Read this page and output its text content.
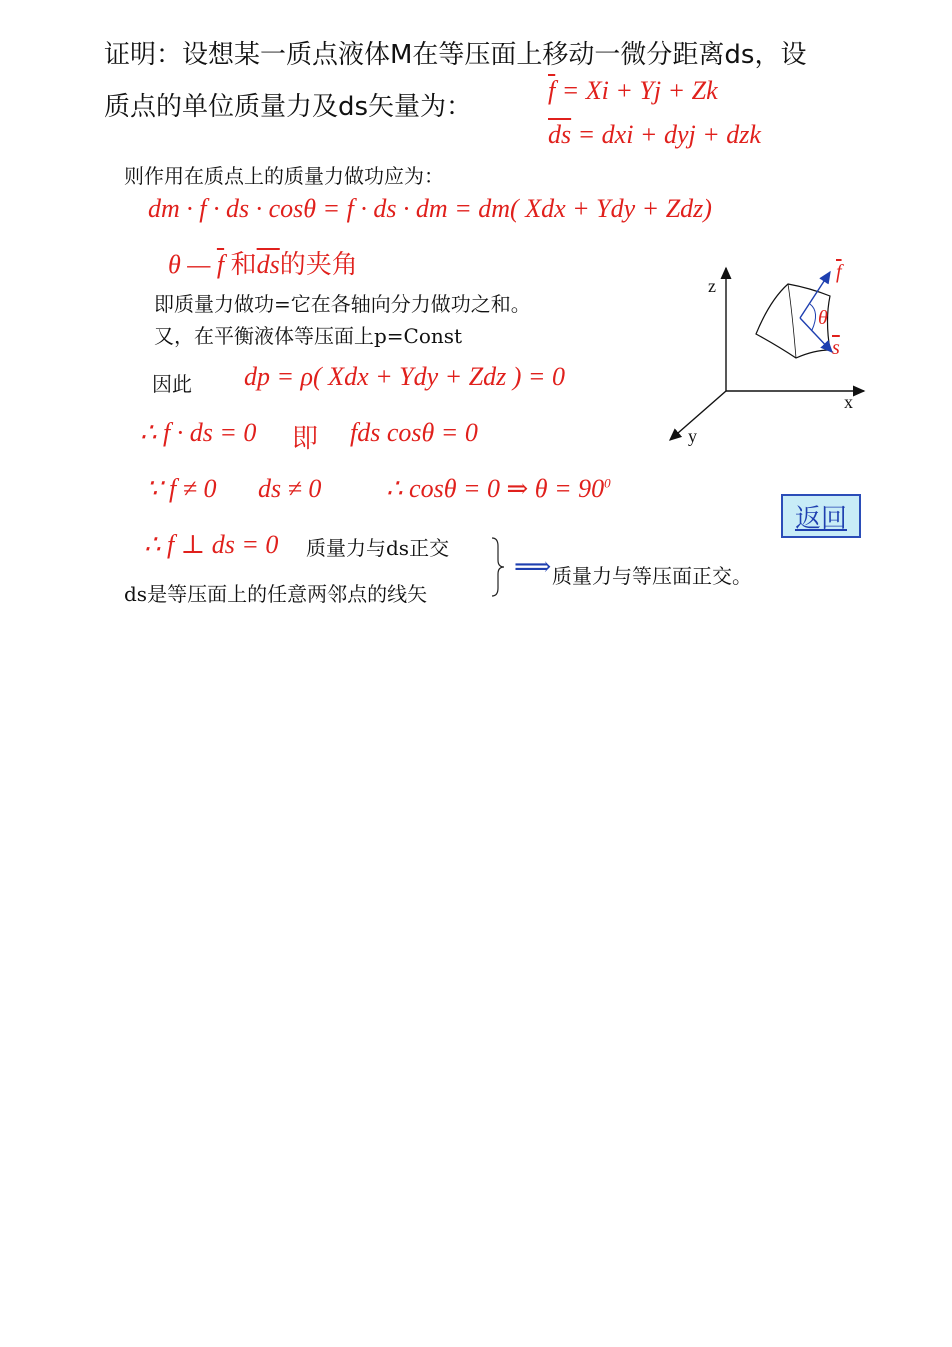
证明：设想某一质点液体M在等压面上移动一微分距离ds，设
质点的单位质量力及ds矢量为：
$\overline{f} = Xi + Yj + Zk$
$\overline{ds}$ = dxi + dyj + dzk
则作用在质点上的质量力做功应为：
dm · f · ds · cosθ = f · ds · dm = dm( Xdx + Ydy + Zdz)
θ — $\overline{f}$ 和$\overline{ds}$的夹角
即质量力做功=它在各轴向分力做功之和。
又，在平衡液体等压面上p=Const
因此 dp = ρ( Xdx + Ydy + Zdz ) = 0
∴ f · ds = 0 即 fds cosθ = 0
∵ f ≠ 0 ds ≠ 0 ∴ cosθ = 0 ⇒ $\theta = 90^0$
返回
∴ f ⊥ ds = 0 质量力与ds正交
ds是等压面上的任意两邻点的线矢
⟹ 质量力与等压面正交。
z
x
y
f
θ
s
